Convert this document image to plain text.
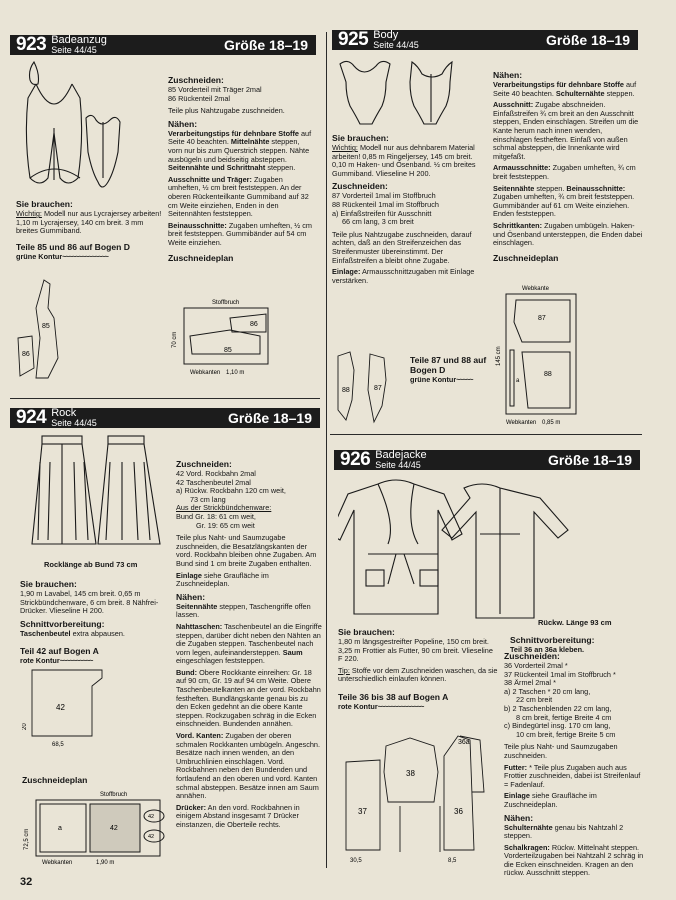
923 Badeanzug
Seite 44/45	Größe 18–19
Sie brauchen:

Wichtig: Modell nur aus Lycrajersey arbeiten! 1,10 m Lycrajersey, 140 cm breit. 3 mm breites Gummiband.

Teile 85 und 86 auf Bogen D
grüne Kontur~~~~~~~~~~~~~~
85
86
Zuschneiden:
85 Vorderteil mit Träger 2mal
86 Rückenteil 2mal

Teile plus Nahtzugabe zuschneiden.

Nähen:

Verarbeitungstips für dehnbare Stoffe auf Seite 40 beachten. Mittelnähte steppen, vorn nur bis zum Querstrich steppen. Nähte ausbügeln und beidseitig absteppen. Seitennähte und Schrittnaht steppen.

Ausschnitte und Träger: Zugaben umheften, ½ cm breit feststeppen. An der oberen Rückenteilkante Gummiband auf 32 cm Weite einziehen, Enden in den Seitennähten feststeppen.

Beinausschnitte: Zugaben umheften, ½ cm breit feststeppen. Gummibänder auf 54 cm Weite einziehen.

Zuschneideplan
Stoffbruch
86
85
70 cm
Webkanten 1,10 m
925 Body
Seite 44/45	Größe 18–19
Sie brauchen:

Wichtig: Modell nur aus dehnbarem Material arbeiten! 0,85 m Ringeljersey, 145 cm breit. 0,10 m Haken- und Ösenband. ½ cm breites Gummiband. Vlieseline H 200.

Zuschneiden:
87 Vorderteil 1mal im Stoffbruch
88 Rückenteil 1mal im Stoffbruch
a) Einfaßstreifen für Ausschnitt
66 cm lang, 3 cm breit

Teile plus Nahtzugabe zuschneiden, darauf achten, daß an den Streifenzeichen das Streifenmuster übereinstimmt. Der Einfaßstreifen a bleibt ohne Zugabe.

Einlage: Armausschnittzugaben mit Einlage verstärken.

88	87
Teile 87 und 88 auf Bogen D
grüne Kontur~~~~~
Nähen:

Verarbeitungstips für dehnbare Stoffe auf Seite 40 beachten. Schulternähte steppen.

Ausschnitt: Zugabe abschneiden. Einfaßstreifen ¾ cm breit an den Ausschnitt steppen, Enden einschlagen. Streifen um die Kante herum nach innen wenden, einschlagen festheften. Einfaß von außen schmal absteppen, die Innenkante wird mitgefaßt.

Armausschnitte: Zugaben umheften, ¾ cm breit feststeppen.

Seitennähte steppen. Beinausschnitte: Zugaben umheften, ¾ cm breit feststeppen. Gummibänder auf 61 cm Weite einziehen. Enden feststeppen.

Schrittkanten: Zugaben umbügeln. Haken- und Ösenband untersteppen, die Enden dabei einschlagen.

Zuschneideplan
Webkante
87
88
a
145 cm
Webkanten 0,85 m
924 Rock
Seite 44/45	Größe 18–19
Rocklänge ab Bund 73 cm
Sie brauchen:

1,90 m Lavabel, 145 cm breit. 0,65 m Strickbündchenware, 6 cm breit. 8 Nähfrei-Drücker. Vlieseline H 200.

Schnittvorbereitung:

Taschenbeutel extra abpausen.

Teil 42 auf Bogen A
rote Kontur~~~~~~~~~~
42
20
68,5
Zuschneideplan
Stoffbruch
a	42
42
42
72,5 cm
Webkanten	1,90 m
Zuschneiden:
42 Vord. Rockbahn 2mal
42 Taschenbeutel 2mal
a) Rückw. Rockbahn 120 cm weit,
73 cm lang
Aus der Strickbündchenware:
Bund Gr. 18: 61 cm weit,
Gr. 19: 65 cm weit

Teile plus Naht- und Saumzugabe zuschneiden, die Besatzlängskanten der vord. Rockbahn bleiben ohne Zugaben. Am Bund sind 1 cm breite Zugaben enthalten.

Einlage siehe Graufläche im Zuschneideplan.

Nähen:

Seitennähte steppen, Taschengriffe offen lassen.

Nahttaschen: Taschenbeutel an die Eingriffe steppen, darüber dicht neben den Nähten an die Zugaben steppen. Taschenbeutel nach vorn legen, aufeinandersteppen. Saum eingeschlagen feststeppen.

Bund: Obere Rockkante einreihen: Gr. 18 auf 90 cm, Gr. 19 auf 94 cm Weite. Obere Taschenbeutelkanten an der vord. Rockbahn festheften. Bundlängskante genau bis zu den Ecken gedehnt an die obere Kante steppen. Rockzugaben schräg in die Ecken einschneiden. Bundenden annähen.

Vord. Kanten: Zugaben der oberen schmalen Rockkanten umbügeln. Angeschn. Besätze nach innen wenden, an den Umbruchlinien einschlagen. Vord. Rockbahnen neben den Bundenden und fortlaufend an den oberen und vord. Kanten schmal absteppen. Besätze innen am Saum annähen.

Drücker: An den vord. Rockbahnen in einigem Abstand insgesamt 7 Drücker einstanzen, die Oberteile rechts.

926 Badejacke
Seite 44/45	Größe 18–19
Rückw. Länge 93 cm
Schnittvorbereitung:
Teil 36 an 36a kleben.
Sie brauchen:

1,80 m längsgestreifter Popeline, 150 cm breit. 3,25 m Frottier als Futter, 90 cm breit. Vlieseline F 220.

Tip: Stoffe vor dem Zuschneiden waschen, da sie unterschiedlich einlaufen können.

Teile 36 bis 38 auf Bogen A
rote Kontur~~~~~~~~~~~~~~
37
38
36
36a
30,5	8,5
Zuschneiden:
36 Vorderteil 2mal *
37 Rückenteil 1mal im Stoffbruch *
38 Ärmel 2mal *
a) 2 Taschen * 20 cm lang,
22 cm breit
b) 2 Taschenblenden 22 cm lang,
8 cm breit, fertige Breite 4 cm
c) Bindegürtel insg. 170 cm lang,
10 cm breit, fertige Breite 5 cm

Teile plus Naht- und Saumzugaben zuschneiden.

Futter: * Teile plus Zugaben auch aus Frottier zuschneiden, dabei ist Streifenlauf = Fadenlauf.

Einlage siehe Graufläche im Zuschneideplan.

Nähen:

Schulternähte genau bis Nahtzahl 2 steppen.

Schalkragen: Rückw. Mittelnaht steppen. Vorderteilzugaben bei Nahtzahl 2 schräg in die Ecken einschneiden. Kragen an den rückw. Ausschnitt steppen.

32
